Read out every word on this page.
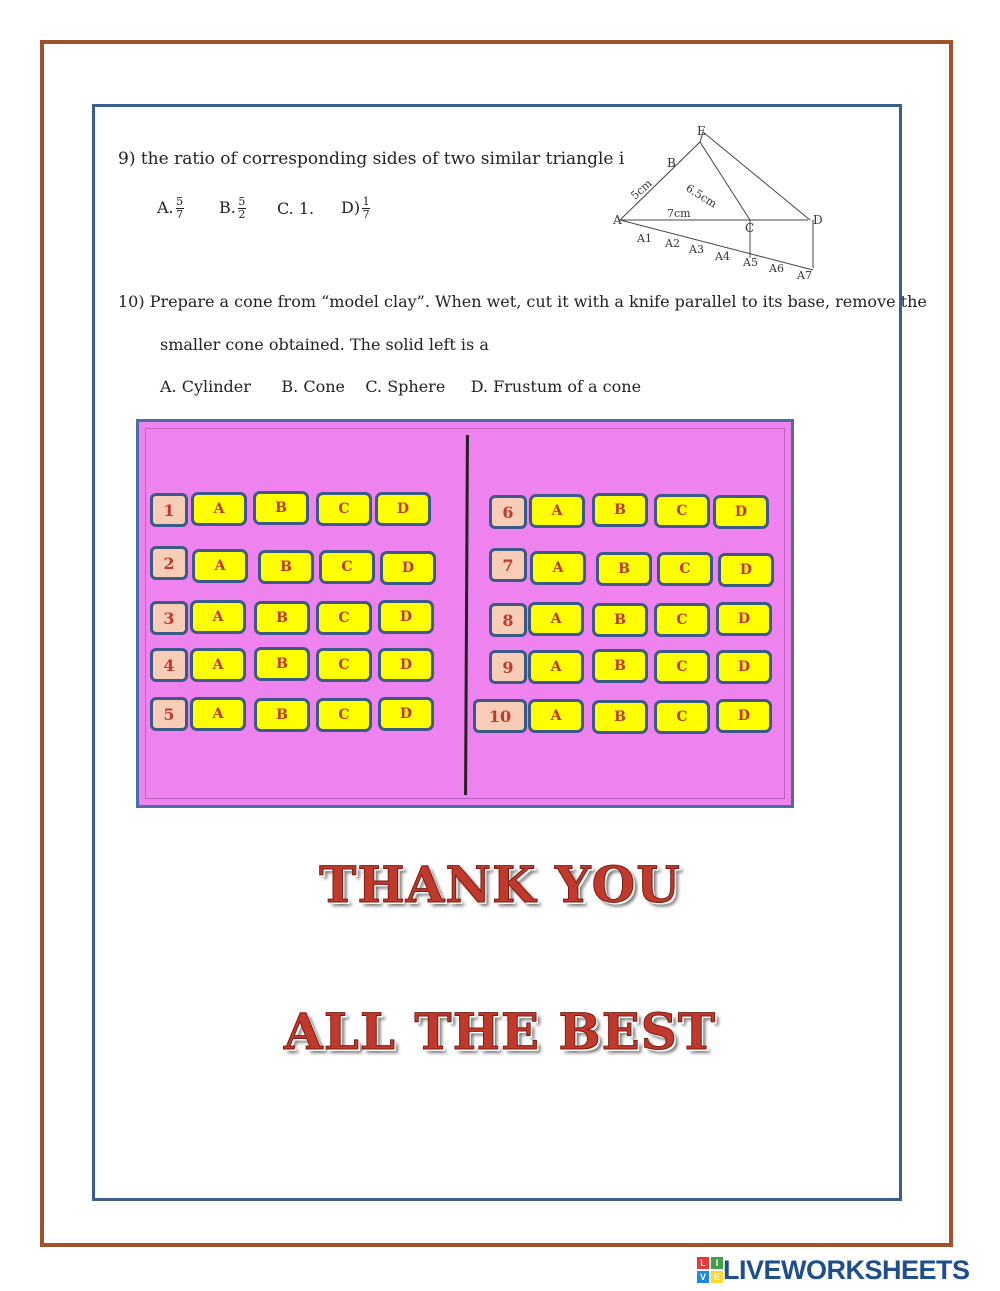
9) the ratio of corresponding sides of two similar triangle i
A. $\frac{5}{7} B$. $\frac{5}{2} C$. 1. $D) \frac{1}{7}$
E
B
A
C
D
A1 A2 A3
A4 A5 A6
A7
5cm	6.5cm
7cm
10) Prepare a cone from “model clay”. When wet, cut it with a knife parallel to its base, remove the
smaller cone obtained. The solid left is a
A. Cylinder      B. Cone    C. Sphere     D. Frustum of a cone
1	A	B	C	D
2	A	B	C	D
3	A	B	C	D
4	A	B	C	D
5	A	B	C	D
6	A	B	C	D
7	A	B	C	D
8	A	B	C	D
9	A	B	C	D
10	A	B	C	D
THANK YOU
ALL THE BEST
L I
V E LIVEWORKSHEETS
